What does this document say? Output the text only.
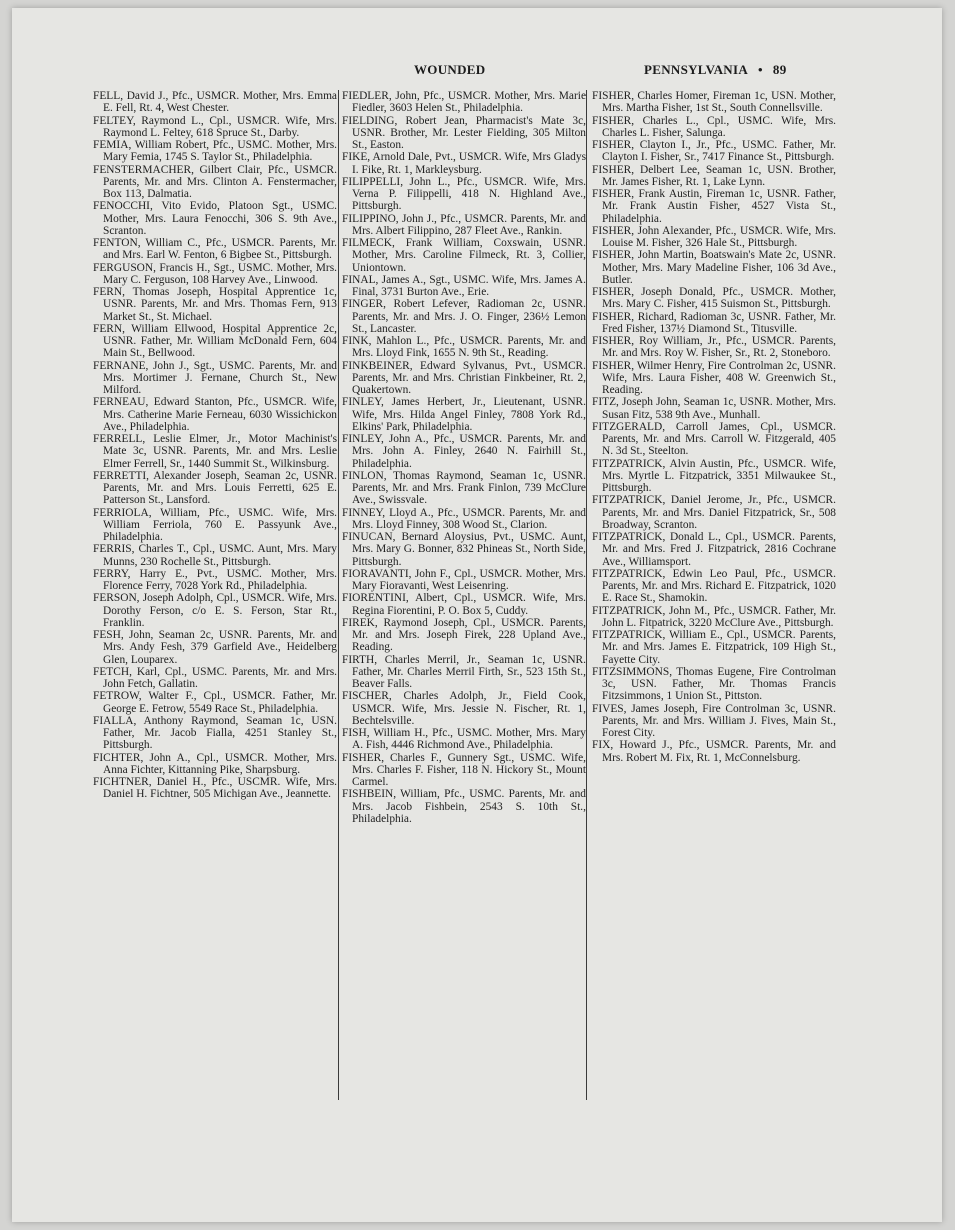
WOUNDED	PENNSYLVANIA • 89

FELL, David J., Pfc., USMCR. Mother, Mrs. Emma E. Fell, Rt. 4, West Chester.

FELTEY, Raymond L., Cpl., USMCR. Wife, Mrs. Raymond L. Feltey, 618 Spruce St., Darby.

FEMIA, William Robert, Pfc., USMC. Mother, Mrs. Mary Femia, 1745 S. Taylor St., Philadelphia.

FENSTERMACHER, Gilbert Clair, Pfc., USMCR. Parents, Mr. and Mrs. Clinton A. Fenstermacher, Box 113, Dalmatia.

FENOCCHI, Vito Evido, Platoon Sgt., USMC. Mother, Mrs. Laura Fenocchi, 306 S. 9th Ave., Scranton.

FENTON, William C., Pfc., USMCR. Parents, Mr. and Mrs. Earl W. Fenton, 6 Bigbee St., Pittsburgh.

FERGUSON, Francis H., Sgt., USMC. Mother, Mrs. Mary C. Ferguson, 108 Harvey Ave., Linwood.

FERN, Thomas Joseph, Hospital Apprentice 1c, USNR. Parents, Mr. and Mrs. Thomas Fern, 913 Market St., St. Michael.

FERN, William Ellwood, Hospital Apprentice 2c, USNR. Father, Mr. William McDonald Fern, 604 Main St., Bellwood.

FERNANE, John J., Sgt., USMC. Parents, Mr. and Mrs. Mortimer J. Fernane, Church St., New Milford.

FERNEAU, Edward Stanton, Pfc., USMCR. Wife, Mrs. Catherine Marie Ferneau, 6030 Wissichickon Ave., Philadelphia.

FERRELL, Leslie Elmer, Jr., Motor Machinist's Mate 3c, USNR. Parents, Mr. and Mrs. Leslie Elmer Ferrell, Sr., 1440 Summit St., Wilkinsburg.

FERRETTI, Alexander Joseph, Seaman 2c, USNR. Parents, Mr. and Mrs. Louis Ferretti, 625 E. Patterson St., Lansford.

FERRIOLA, William, Pfc., USMC. Wife, Mrs. William Ferriola, 760 E. Passyunk Ave., Philadelphia.

FERRIS, Charles T., Cpl., USMC. Aunt, Mrs. Mary Munns, 230 Rochelle St., Pittsburgh.

FERRY, Harry E., Pvt., USMC. Mother, Mrs. Florence Ferry, 7028 York Rd., Philadelphia.

FERSON, Joseph Adolph, Cpl., USMCR. Wife, Mrs. Dorothy Ferson, c/o E. S. Ferson, Star Rt., Franklin.

FESH, John, Seaman 2c, USNR. Parents, Mr. and Mrs. Andy Fesh, 379 Garfield Ave., Heidelberg Glen, Louparex.

FETCH, Karl, Cpl., USMC. Parents, Mr. and Mrs. John Fetch, Gallatin.

FETROW, Walter F., Cpl., USMCR. Father, Mr. George E. Fetrow, 5549 Race St., Philadelphia.

FIALLA, Anthony Raymond, Seaman 1c, USN. Father, Mr. Jacob Fialla, 4251 Stanley St., Pittsburgh.

FICHTER, John A., Cpl., USMCR. Mother, Mrs. Anna Fichter, Kittanning Pike, Sharpsburg.

FICHTNER, Daniel H., Pfc., USCMR. Wife, Mrs. Daniel H. Fichtner, 505 Michigan Ave., Jeannette.

FIEDLER, John, Pfc., USMCR. Mother, Mrs. Marie Fiedler, 3603 Helen St., Philadelphia.

FIELDING, Robert Jean, Pharmacist's Mate 3c, USNR. Brother, Mr. Lester Fielding, 305 Milton St., Easton.

FIKE, Arnold Dale, Pvt., USMCR. Wife, Mrs Gladys I. Fike, Rt. 1, Markleysburg.

FILIPPELLI, John L., Pfc., USMCR. Wife, Mrs. Verna P. Filippelli, 418 N. Highland Ave., Pittsburgh.

FILIPPINO, John J., Pfc., USMCR. Parents, Mr. and Mrs. Albert Filippino, 287 Fleet Ave., Rankin.

FILMECK, Frank William, Coxswain, USNR. Mother, Mrs. Caroline Filmeck, Rt. 3, Collier, Uniontown.

FINAL, James A., Sgt., USMC. Wife, Mrs. James A. Final, 3731 Burton Ave., Erie.

FINGER, Robert Lefever, Radioman 2c, USNR. Parents, Mr. and Mrs. J. O. Finger, 236½ Lemon St., Lancaster.

FINK, Mahlon L., Pfc., USMCR. Parents, Mr. and Mrs. Lloyd Fink, 1655 N. 9th St., Reading.

FINKBEINER, Edward Sylvanus, Pvt., USMCR. Parents, Mr. and Mrs. Christian Finkbeiner, Rt. 2, Quakertown.

FINLEY, James Herbert, Jr., Lieutenant, USNR. Wife, Mrs. Hilda Angel Finley, 7808 York Rd., Elkins' Park, Philadelphia.

FINLEY, John A., Pfc., USMCR. Parents, Mr. and Mrs. John A. Finley, 2640 N. Fairhill St., Philadelphia.

FINLON, Thomas Raymond, Seaman 1c, USNR. Parents, Mr. and Mrs. Frank Finlon, 739 McClure Ave., Swissvale.

FINNEY, Lloyd A., Pfc., USMCR. Parents, Mr. and Mrs. Lloyd Finney, 308 Wood St., Clarion.

FINUCAN, Bernard Aloysius, Pvt., USMC. Aunt, Mrs. Mary G. Bonner, 832 Phineas St., North Side, Pittsburgh.

FIORAVANTI, John F., Cpl., USMCR. Mother, Mrs. Mary Fioravanti, West Leisenring.

FIORENTINI, Albert, Cpl., USMCR. Wife, Mrs. Regina Fiorentini, P. O. Box 5, Cuddy.

FIREK, Raymond Joseph, Cpl., USMCR. Parents, Mr. and Mrs. Joseph Firek, 228 Upland Ave., Reading.

FIRTH, Charles Merril, Jr., Seaman 1c, USNR. Father, Mr. Charles Merril Firth, Sr., 523 15th St., Beaver Falls.

FISCHER, Charles Adolph, Jr., Field Cook, USMCR. Wife, Mrs. Jessie N. Fischer, Rt. 1, Bechtelsville.

FISH, William H., Pfc., USMC. Mother, Mrs. Mary A. Fish, 4446 Richmond Ave., Philadelphia.

FISHER, Charles F., Gunnery Sgt., USMC. Wife, Mrs. Charles F. Fisher, 118 N. Hickory St., Mount Carmel.

FISHBEIN, William, Pfc., USMC. Parents, Mr. and Mrs. Jacob Fishbein, 2543 S. 10th St., Philadelphia.

FISHER, Charles Homer, Fireman 1c, USN. Mother, Mrs. Martha Fisher, 1st St., South Connellsville.

FISHER, Charles L., Cpl., USMC. Wife, Mrs. Charles L. Fisher, Salunga.

FISHER, Clayton I., Jr., Pfc., USMC. Father, Mr. Clayton I. Fisher, Sr., 7417 Finance St., Pittsburgh.

FISHER, Delbert Lee, Seaman 1c, USN. Brother, Mr. James Fisher, Rt. 1, Lake Lynn.

FISHER, Frank Austin, Fireman 1c, USNR. Father, Mr. Frank Austin Fisher, 4527 Vista St., Philadelphia.

FISHER, John Alexander, Pfc., USMCR. Wife, Mrs. Louise M. Fisher, 326 Hale St., Pittsburgh.

FISHER, John Martin, Boatswain's Mate 2c, USNR. Mother, Mrs. Mary Madeline Fisher, 106 3d Ave., Butler.

FISHER, Joseph Donald, Pfc., USMCR. Mother, Mrs. Mary C. Fisher, 415 Suismon St., Pittsburgh.

FISHER, Richard, Radioman 3c, USNR. Father, Mr. Fred Fisher, 137½ Diamond St., Titusville.

FISHER, Roy William, Jr., Pfc., USMCR. Parents, Mr. and Mrs. Roy W. Fisher, Sr., Rt. 2, Stoneboro.

FISHER, Wilmer Henry, Fire Controlman 2c, USNR. Wife, Mrs. Laura Fisher, 408 W. Greenwich St., Reading.

FITZ, Joseph John, Seaman 1c, USNR. Mother, Mrs. Susan Fitz, 538 9th Ave., Munhall.

FITZGERALD, Carroll James, Cpl., USMCR. Parents, Mr. and Mrs. Carroll W. Fitzgerald, 405 N. 3d St., Steelton.

FITZPATRICK, Alvin Austin, Pfc., USMCR. Wife, Mrs. Myrtle L. Fitzpatrick, 3351 Milwaukee St., Pittsburgh.

FITZPATRICK, Daniel Jerome, Jr., Pfc., USMCR. Parents, Mr. and Mrs. Daniel Fitzpatrick, Sr., 508 Broadway, Scranton.

FITZPATRICK, Donald L., Cpl., USMCR. Parents, Mr. and Mrs. Fred J. Fitzpatrick, 2816 Cochrane Ave., Williamsport.

FITZPATRICK, Edwin Leo Paul, Pfc., USMCR. Parents, Mr. and Mrs. Richard E. Fitzpatrick, 1020 E. Race St., Shamokin.

FITZPATRICK, John M., Pfc., USMCR. Father, Mr. John L. Fitpatrick, 3220 McClure Ave., Pittsburgh.

FITZPATRICK, William E., Cpl., USMCR. Parents, Mr. and Mrs. James E. Fitzpatrick, 109 High St., Fayette City.

FITZSIMMONS, Thomas Eugene, Fire Controlman 3c, USN. Father, Mr. Thomas Francis Fitzsimmons, 1 Union St., Pittston.

FIVES, James Joseph, Fire Controlman 3c, USNR. Parents, Mr. and Mrs. William J. Fives, Main St., Forest City.

FIX, Howard J., Pfc., USMCR. Parents, Mr. and Mrs. Robert M. Fix, Rt. 1, McConnelsburg.
